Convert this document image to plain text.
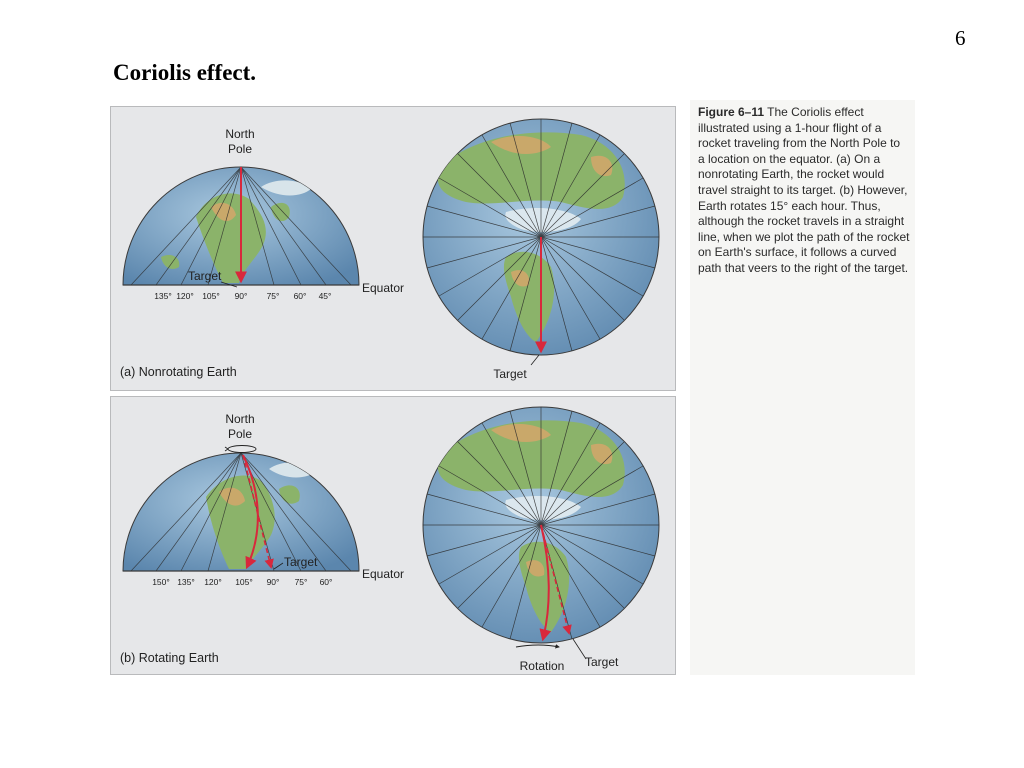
6
Coriolis effect.
North
Pole
Target
Equator
135° 120° 105° 90° 75° 60° 45°
Target
(a) Nonrotating Earth
North
Pole
Target
Equator
150° 135° 120° 105° 90° 75° 60°
Rotation Target
(b) Rotating Earth
Figure 6–11 The Coriolis effect illustrated using a 1-hour flight of a rocket traveling from the North Pole to a location on the equator. (a) On a nonrotating Earth, the rocket would travel straight to its target. (b) However, Earth rotates 15° each hour. Thus, although the rocket travels in a straight line, when we plot the path of the rocket on Earth's surface, it follows a curved path that veers to the right of the target.
